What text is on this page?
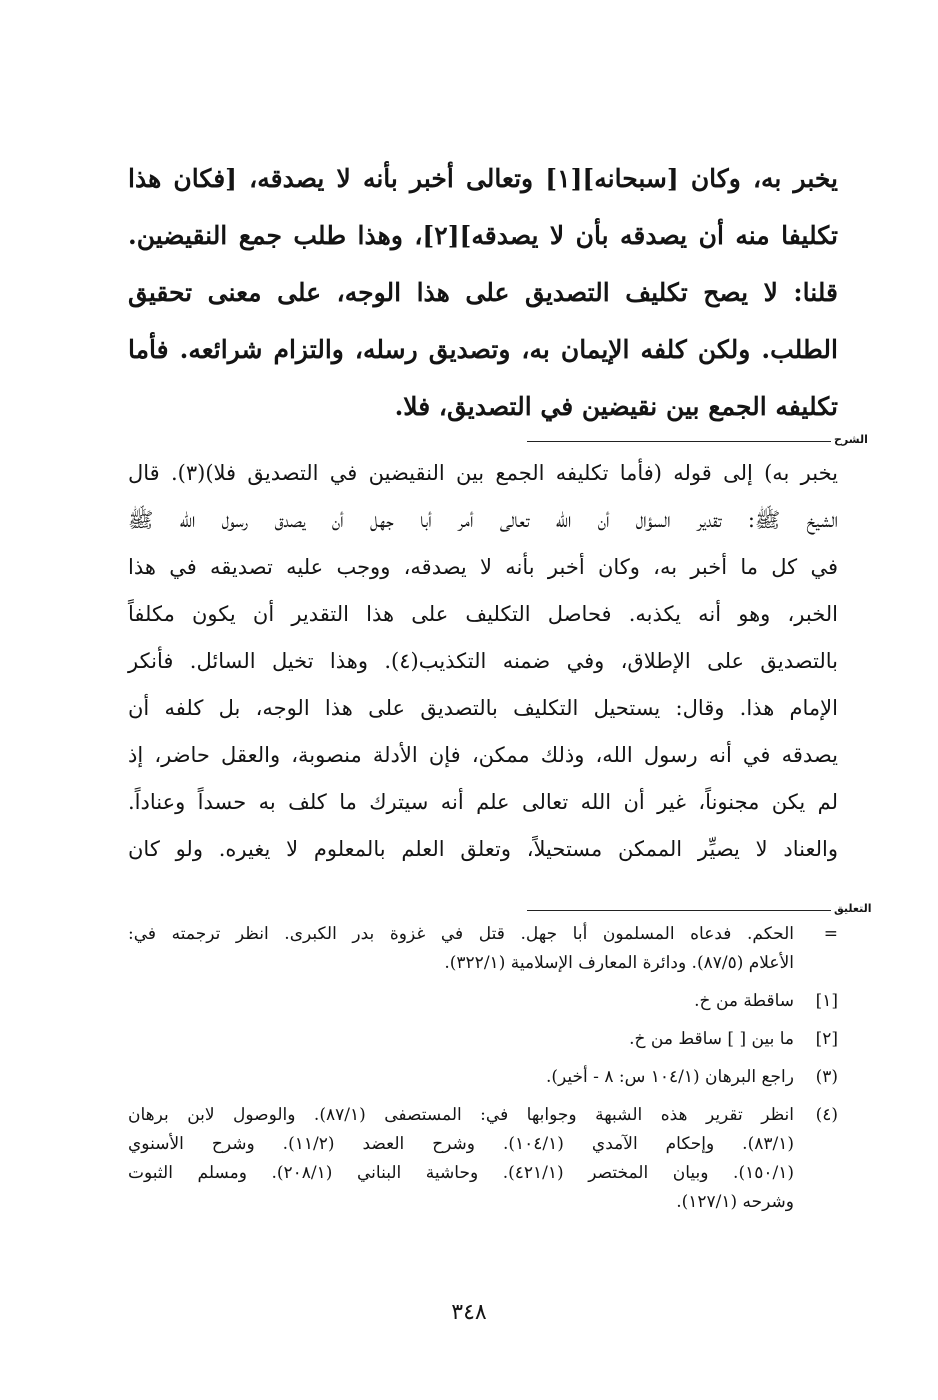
يخبر به، وكان [سبحانه][١] وتعالى أخبر بأنه لا يصدقه، [فكان هذا
تكليفا منه أن يصدقه بأن لا يصدقه][٢]، وهذا طلب جمع النقيضين.
قلنا: لا يصح تكليف التصديق على هذا الوجه، على معنى تحقيق
الطلب. ولكن كلفه الإيمان به، وتصديق رسله، والتزام شرائعه. فأما
تكليفه الجمع بين نقيضين في التصديق، فلا.
الشرح
يخبر به) إلى قوله (فأما تكليفه الجمع بين النقيضين في التصديق فلا)(٣). قال
الشيخ ﷺ: تقدير السؤال أن الله تعالى أمر أبا جهل أن يصدق رسول الله ﷺ
في كل ما أخبر به، وكان أخبر بأنه لا يصدقه، ووجب عليه تصديقه في هذا
الخبر، وهو أنه يكذبه. فحاصل التكليف على هذا التقدير أن يكون مكلفاً
بالتصديق على الإطلاق، وفي ضمنه التكذيب(٤). وهذا تخيل السائل. فأنكر
الإمام هذا. وقال: يستحيل التكليف بالتصديق على هذا الوجه، بل كلفه أن
يصدقه في أنه رسول الله، وذلك ممكن، فإن الأدلة منصوبة، والعقل حاضر، إذ
لم يكن مجنوناً، غير أن الله تعالى علم أنه سيترك ما كلف به حسداً وعناداً.
والعناد لا يصيِّر الممكن مستحيلاً، وتعلق العلم بالمعلوم لا يغيره. ولو كان
التعليق
=
الحكم. فدعاه المسلمون أبا جهل. قتل في غزوة بدر الكبرى. انظر ترجمته في:
الأعلام (٨٧/٥). ودائرة المعارف الإسلامية (٣٢٢/١).
[١]
ساقطة من خ.
[٢]
ما بين [ ] ساقط من خ.
(٣)
راجع البرهان (١٠٤/١ س: ٨ - أخير).
(٤)
انظر تقرير هذه الشبهة وجوابها في: المستصفى (٨٧/١). والوصول لابن برهان
(٨٣/١). وإحكام الآمدي (١٠٤/١). وشرح العضد (١١/٢). وشرح الأسنوي
(١٥٠/١). وبيان المختصر (٤٢١/١). وحاشية البناني (٢٠٨/١). ومسلم الثبوت
وشرحه (١٢٧/١).
٣٤٨
